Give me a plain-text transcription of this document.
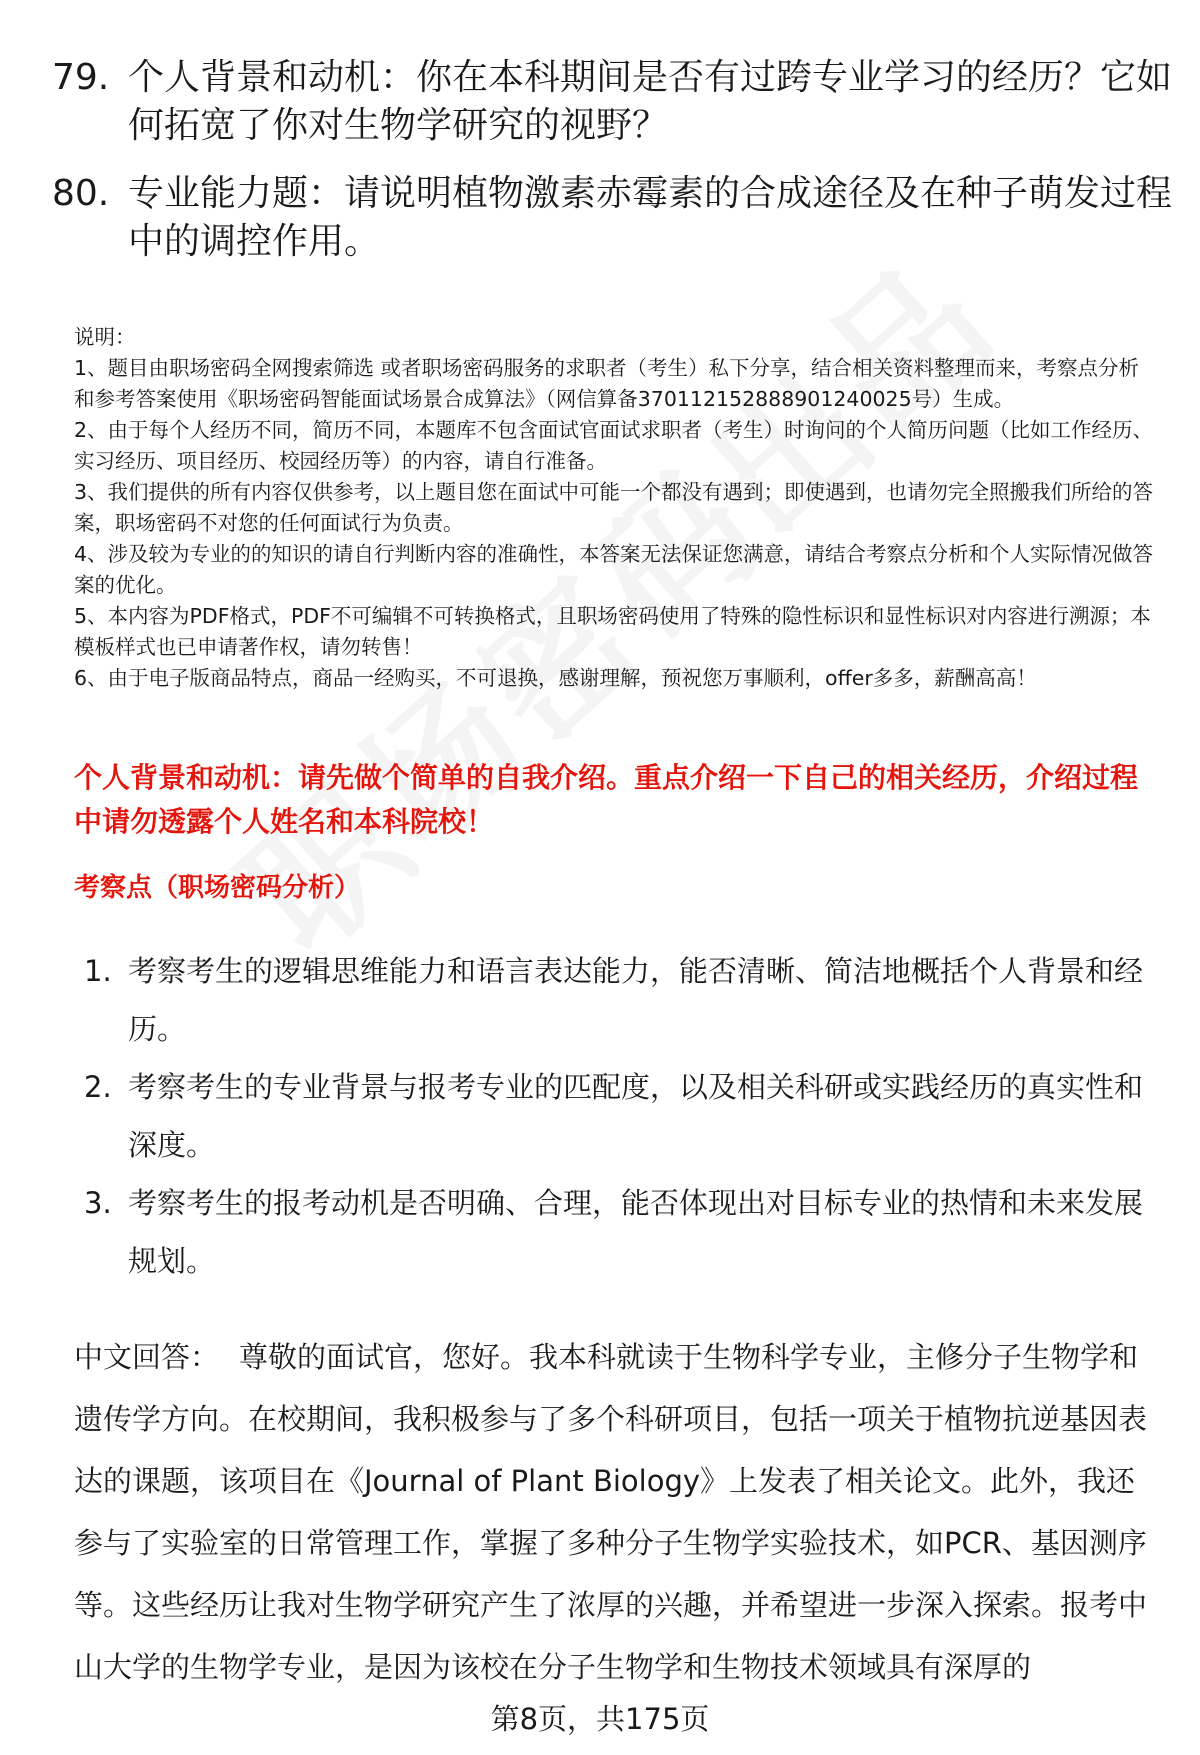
79. 个人背景和动机：你在本科期间是否有过跨专业学习的经历？它如何拓宽了你对生物学研究的视野？
80. 专业能力题：请说明植物激素赤霉素的合成途径及在种子萌发过程中的调控作用。

说明：

1、题目由职场密码全网搜索筛选 或者职场密码服务的求职者（考生）私下分享，结合相关资料整理而来，考察点分析和参考答案使用《职场密码智能面试场景合成算法》（网信算备370112152888901240025号）生成。

2、由于每个人经历不同，简历不同，本题库不包含面试官面试求职者（考生）时询问的个人简历问题（比如工作经历、实习经历、项目经历、校园经历等）的内容，请自行准备。

3、我们提供的所有内容仅供参考，以上题目您在面试中可能一个都没有遇到；即使遇到，也请勿完全照搬我们所给的答案，职场密码不对您的任何面试行为负责。

4、涉及较为专业的的知识的请自行判断内容的准确性，本答案无法保证您满意，请结合考察点分析和个人实际情况做答案的优化。

5、本内容为PDF格式，PDF不可编辑不可转换格式，且职场密码使用了特殊的隐性标识和显性标识对内容进行溯源；本模板样式也已申请著作权，请勿转售！

6、由于电子版商品特点，商品一经购买，不可退换，感谢理解，预祝您万事顺利，offer多多，薪酬高高！

个人背景和动机：请先做个简单的自我介绍。重点介绍一下自己的相关经历，介绍过程中请勿透露个人姓名和本科院校！
考察点（职场密码分析）
1. 考察考生的逻辑思维能力和语言表达能力，能否清晰、简洁地概括个人背景和经历。
2. 考察考生的专业背景与报考专业的匹配度，以及相关科研或实践经历的真实性和深度。
3. 考察考生的报考动机是否明确、合理，能否体现出对目标专业的热情和未来发展规划。
中文回答： 尊敬的面试官，您好。我本科就读于生物科学专业，主修分子生物学和遗传学方向。在校期间，我积极参与了多个科研项目，包括一项关于植物抗逆基因表达的课题，该项目在《Journal of Plant Biology》上发表了相关论文。此外，我还参与了实验室的日常管理工作，掌握了多种分子生物学实验技术，如PCR、基因测序等。这些经历让我对生物学研究产生了浓厚的兴趣，并希望进一步深入探索。报考中山大学的生物学专业，是因为该校在分子生物学和生物技术领域具有深厚的
第8页，共175页
